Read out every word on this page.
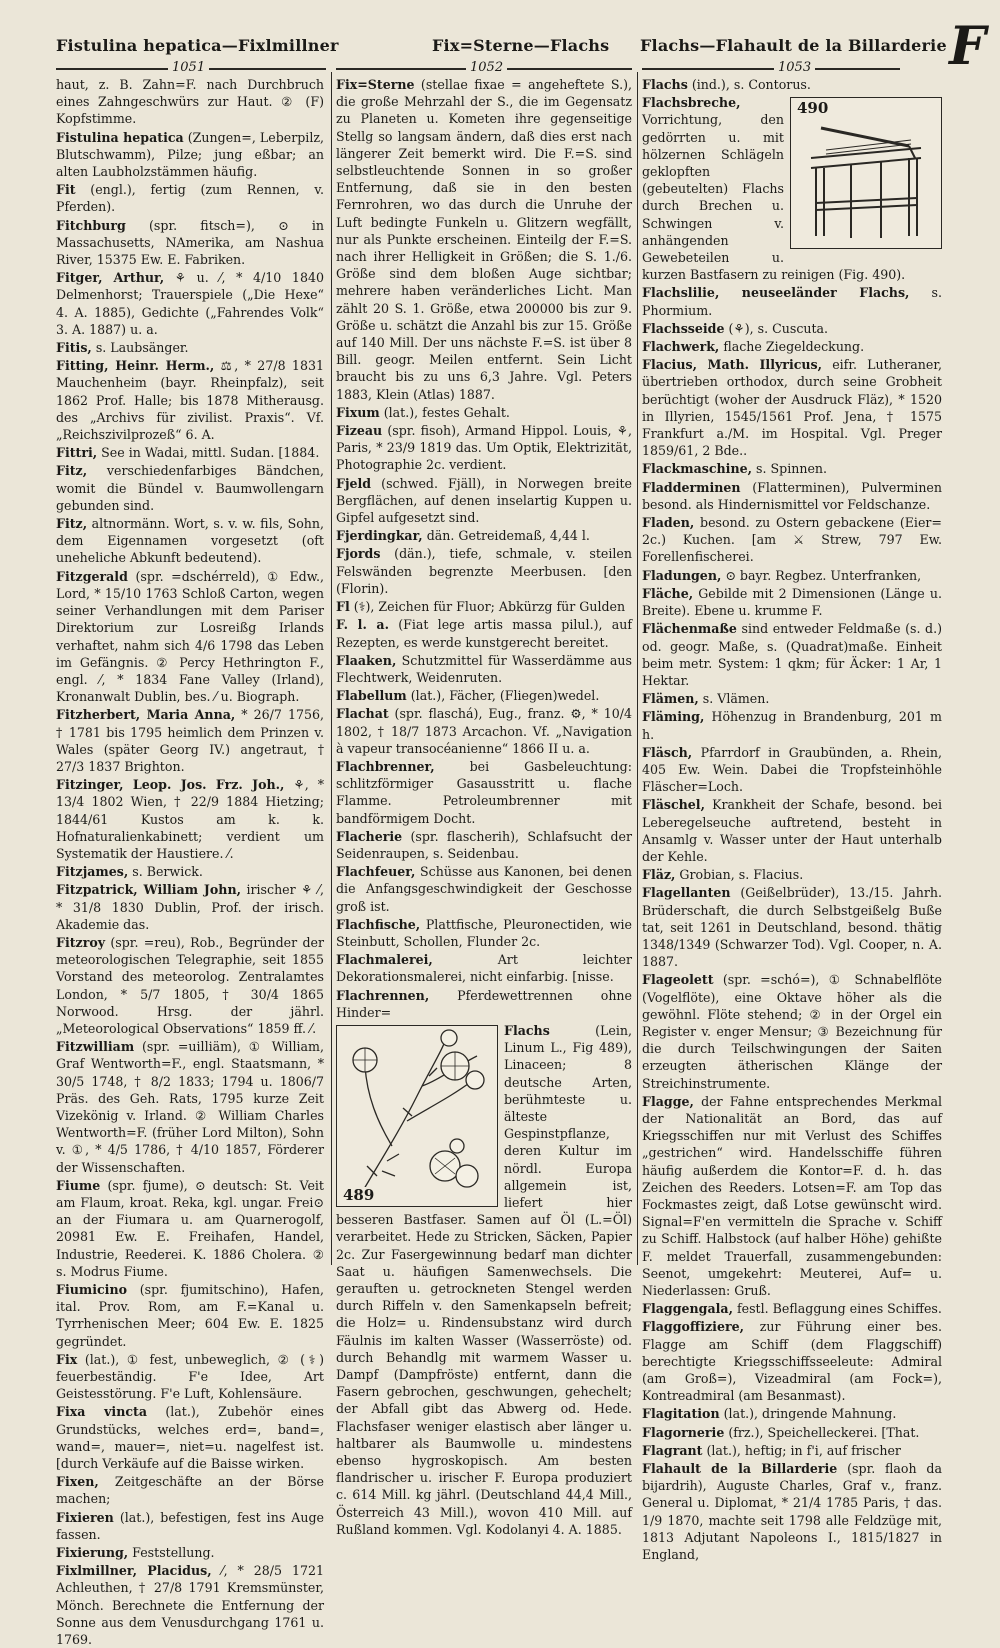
Fistulina hepatica—Fixlmillner	Fix=Sterne—Flachs Flachs—Flahault de la Billarderie F
1051	1052	1053

haut, z. B. Zahn=F. nach Durchbruch eines Zahngeschwürs zur Haut. ② (F) Kopfstimme.

Fistulina hepatica (Zungen=, Leberpilz, Blutschwamm), Pilze; jung eßbar; an alten Laubholzstämmen häufig.

Fit (engl.), fertig (zum Rennen, v. Pferden).

Fitchburg (spr. fitsch=), ⊙ in Massachusetts, NAmerika, am Nashua River, 15375 Ew. E. Fabriken.

Fitger, Arthur, ⚘ u. ⁄, * 4/10 1840 Delmenhorst; Trauerspiele („Die Hexe“ 4. A. 1885), Gedichte („Fahrendes Volk“ 3. A. 1887) u. a.

Fitis, s. Laubsänger.

Fitting, Heinr. Herm., ⚖, * 27/8 1831 Mauchenheim (bayr. Rheinpfalz), seit 1862 Prof. Halle; bis 1878 Mitherausg. des „Archivs für zivilist. Praxis“. Vf. „Reichszivilprozeß“ 6. A.

Fittri, See in Wadai, mittl. Sudan. [1884.

Fitz, verschiedenfarbiges Bändchen, womit die Bündel v. Baumwollengarn gebunden sind.

Fitz, altnormänn. Wort, s. v. w. fils, Sohn, dem Eigennamen vorgesetzt (oft unehelichе Abkunft bedeutend).

Fitzgerald (spr. =dschérreld), ① Edw., Lord, * 15/10 1763 Schloß Carton, wegen seiner Verhandlungen mit dem Pariser Direktorium zur Losreißg Irlands verhaftet, nahm sich 4/6 1798 das Leben im Gefängnis. ② Percy Hethrington F., engl. ⁄, * 1834 Fane Valley (Irland), Kronanwalt Dublin, bes. ⁄ u. Biograph.

Fitzherbert, Maria Anna, * 26/7 1756, † 1781 bis 1795 heimlich dem Prinzen v. Wales (später Georg IV.) angetraut, † 27/3 1837 Brighton.

Fitzinger, Leop. Jos. Frz. Joh., ⚘, * 13/4 1802 Wien, † 22/9 1884 Hietzing; 1844/61 Kustos am k. k. Hofnaturalienkabinett; verdient um Systematik der Haustiere. ⁄.

Fitzjames, s. Berwick.

Fitzpatrick, William John, irischer ⚘ ⁄, * 31/8 1830 Dublin, Prof. der irisch. Akademie das.

Fitzroy (spr. =reu), Rob., Begründer der meteorologischen Telegraphie, seit 1855 Vorstand des meteorolog. Zentralamtes London, * 5/7 1805, † 30/4 1865 Norwood. Hrsg. der jährl. „Meteorological Observations“ 1859 ff. ⁄.

Fitzwilliam (spr. =uilliäm), ① William, Graf Wentworth=F., engl. Staatsmann, * 30/5 1748, † 8/2 1833; 1794 u. 1806/7 Präs. des Geh. Rats, 1795 kurze Zeit Vizekönig v. Irland. ② William Charles Wentworth=F. (früher Lord Milton), Sohn v. ①, * 4/5 1786, † 4/10 1857, Förderer der Wissenschaften.

Fiume (spr. fjume), ⊙ deutsch: St. Veit am Flaum, kroat. Reka, kgl. ungar. Frei⊙ an der Fiumara u. am Quarnerogolf, 20981 Ew. E. Freihafen, Handel, Industrie, Reederei. K. 1886 Cholera. ② s. Modrus Fiume.

Fiumicino (spr. fjumitschino), Hafen, ital. Prov. Rom, am F.=Kanal u. Tyrrhenischen Meer; 604 Ew. E. 1825 gegründet.

Fix (lat.), ① fest, unbeweglich, ② (⚕) feuerbeständig. F'e Idee, Art Geistesstörung. F'e Luft, Kohlensäure.

Fixa vincta (lat.), Zubehör eines Grundstücks, welches erd=, band=, wand=, mauer=, niet=u. nagelfest ist. [durch Verkäufe auf die Baisse wirken.

Fixen, Zeitgeschäfte an der Börse machen;

Fixieren (lat.), befestigen, fest ins Auge fassen.

Fixierung, Feststellung.

Fixlmillner, Placidus, ⁄, * 28/5 1721 Achleuthen, † 27/8 1791 Kremsmünster, Mönch. Berechnete die Entfernung der Sonne aus dem Venusdurchgang 1761 u. 1769.

Fix=Sterne (stellae fixae = angeheftete S.), die große Mehrzahl der S., die im Gegensatz zu Planeten u. Kometen ihre gegenseitige Stellg so langsam ändern, daß dies erst nach längerer Zeit bemerkt wird. Die F.=S. sind selbstleuchtende Sonnen in so großer Entfernung, daß sie in den besten Fernrohren, wo das durch die Unruhe der Luft bedingte Funkeln u. Glitzern wegfällt, nur als Punkte erscheinen. Einteilg der F.=S. nach ihrer Helligkeit in Größen; die S. 1./6. Größe sind dem bloßen Auge sichtbar; mehrere haben veränderliches Licht. Man zählt 20 S. 1. Größe, etwa 200000 bis zur 9. Größe u. schätzt die Anzahl bis zur 15. Größe auf 140 Mill. Der uns nächste F.=S. ist über 8 Bill. geogr. Meilen entfernt. Sein Licht braucht bis zu uns 6,3 Jahre. Vgl. Peters 1883, Klein (Atlas) 1887.

Fixum (lat.), festes Gehalt.

Fizeau (spr. fisoh), Armand Hippol. Louis, ⚘, Paris, * 23/9 1819 das. Um Optik, Elektrizität, Photographie 2c. verdient.

Fjeld (schwed. Fjäll), in Norwegen breite Bergflächen, auf denen inselartig Kuppen u. Gipfel aufgesetzt sind.

Fjerdingkar, dän. Getreidemaß, 4,44 l.

Fjords (dän.), tiefe, schmale, v. steilen Felswänden begrenzte Meerbusen. [den (Florin).

Fl (⚕), Zeichen für Fluor; Abkürzg für Gulden

F. l. a. (Fiat lege artis massa pilul.), auf Rezepten, es werde kunstgerecht bereitet.

Flaaken, Schutzmittel für Wasserdämme aus Flechtwerk, Weidenruten.

Flabellum (lat.), Fächer, (Fliegen)wedel.

Flachat (spr. flaschá), Eug., franz. ⚙, * 10/4 1802, † 18/7 1873 Arcachon. Vf. „Navigation à vapeur transocéanienne“ 1866 II u. a.

Flachbrenner, bei Gasbeleuchtung: schlitzförmiger Gasausstritt u. flache Flamme. Petroleumbrenner mit bandförmigem Docht.

Flacherie (spr. flascherih), Schlafsucht der Seidenraupen, s. Seidenbau.

Flachfeuer, Schüsse aus Kanonen, bei denen die Anfangsgeschwindigkeit der Geschosse groß ist.

Flachfische, Plattfische, Pleuronectiden, wie Steinbutt, Schollen, Flunder 2c.

Flachmalerei, Art leichter Dekorationsmalerei, nicht einfarbig. [nisse.

Flachrennen, Pferdewettrennen ohne Hinder=

489

Flachs (Lein, Linum L., Fig 489), Linaceen; 8 deutsche Arten, berühmteste u. älteste Gespinstpflanze, deren Kultur im nördl. Europa allgemein ist, liefert hier besseren Bastfaser. Samen auf Öl (L.=Öl) verarbeitet. Hede zu Stricken, Säcken, Papier 2c. Zur Fasergewinnung bedarf man dichter Saat u. häufigen Samenwechsels. Die gerauften u. getrockneten Stengel werden durch Riffeln v. den Samenkapseln befreit; die Holz= u. Rindensubstanz wird durch Fäulnis im kalten Wasser (Wasserröste) od. durch Behandlg mit warmem Wasser u. Dampf (Dampfröste) entfernt, dann die Fasern gebrochen, geschwungen, gehechelt; der Abfall gibt das Abwerg od. Hede. Flachsfaser weniger elastisch aber länger u. haltbarer als Baumwolle u. mindestens ebenso hygroskopisch. Am besten flandrischer u. irischer F. Europa produziert c. 614 Mill. kg jährl. (Deutschland 44,4 Mill., Österreich 43 Mill.), wovon 410 Mill. auf Rußland kommen. Vgl. Kodolanyi 4. A. 1885.

Flachs (ind.), s. Contorus.

490

Flachsbreche, Vorrichtung, den gedörrten u. mit hölzernen Schlägeln geklopften (gebeutelten) Flachs durch Brechen u. Schwingen v. anhängenden Gewebeteilen u. kurzen Bastfasern zu reinigen (Fig. 490).

Flachslilie, neuseeländer Flachs, s. Phormium.

Flachsseide (⚘), s. Cuscuta.

Flachwerk, flache Ziegeldeckung.

Flacius, Math. Illyricus, eifr. Lutheraner, übertrieben orthodox, durch seine Grobheit berüchtigt (woher der Ausdruck Fläz), * 1520 in Illyrien, 1545/1561 Prof. Jena, † 1575 Frankfurt a./M. im Hospital. Vgl. Preger 1859/61, 2 Bde..

Flackmaschine, s. Spinnen.

Fladderminen (Flatterminen), Pulverminen besond. als Hindernismittel vor Feldschanze.

Fladen, besond. zu Ostern gebackene (Eier= 2c.) Kuchen. [am ⚔ Strew, 797 Ew. Forellenfischerei.

Fladungen, ⊙ bayr. Regbez. Unterfranken,

Fläche, Gebilde mit 2 Dimensionen (Länge u. Breite). Ebene u. krumme F.

Flächenmaße sind entweder Feldmaße (s. d.) od. geogr. Maße, s. (Quadrat)maße. Einheit beim metr. System: 1 qkm; für Äcker: 1 Ar, 1 Hektar.

Flämen, s. Vlämen.

Fläming, Höhenzug in Brandenburg, 201 m h.

Fläsch, Pfarrdorf in Graubünden, a. Rhein, 405 Ew. Wein. Dabei die Tropfsteinhöhle Fläscher=Loch.

Fläschel, Krankheit der Schafe, besond. bei Leberegelseuche auftretend, besteht in Ansamlg v. Wasser unter der Haut unterhalb der Kehle.

Fläz, Grobian, s. Flacius.

Flagellanten (Geißelbrüder), 13./15. Jahrh. Brüderschaft, die durch Selbstgeißelg Buße tat, seit 1261 in Deutschland, besond. thätig 1348/1349 (Schwarzer Tod). Vgl. Cooper, n. A. 1887.

Flageolett (spr. =schó=), ① Schnabelflöte (Vogelflöte), eine Oktave höher als die gewöhnl. Flöte stehend; ② in der Orgel ein Register v. enger Mensur; ③ Bezeichnung für die durch Teilschwingungen der Saiten erzeugten ätherischen Klänge der Streichinstrumente.

Flagge, der Fahne entsprechendes Merkmal der Nationalität an Bord, das auf Kriegsschiffen nur mit Verlust des Schiffes „gestrichen“ wird. Handelsschiffe führen häufig außerdem die Kontor=F. d. h. das Zeichen des Reeders. Lotsen=F. am Top das Fockmastes zeigt, daß Lotse gewünscht wird. Signal=F'en vermitteln die Sprache v. Schiff zu Schiff. Halbstock (auf halber Höhe) gehißte F. meldet Trauerfall, zusammengebunden: Seenot, umgekehrt: Meuterei, Auf= u. Niederlassen: Gruß.

Flaggengala, festl. Beflaggung eines Schiffes.

Flaggoffiziere, zur Führung einer bes. Flagge am Schiff (dem Flaggschiff) berechtigte Kriegsschiffsseeleute: Admiral (am Groß=), Vizeadmiral (am Fock=), Kontreadmiral (am Besanmast).

Flagitation (lat.), dringende Mahnung.

Flagornerie (frz.), Speichelleckerei. [That.

Flagrant (lat.), heftig; in f'i, auf frischer

Flahault de la Billarderie (spr. flaoh da bijardrih), Auguste Charles, Graf v., franz. General u. Diplomat, * 21/4 1785 Paris, † das. 1/9 1870, machte seit 1798 alle Feldzüge mit, 1813 Adjutant Napoleons I., 1815/1827 in England,
